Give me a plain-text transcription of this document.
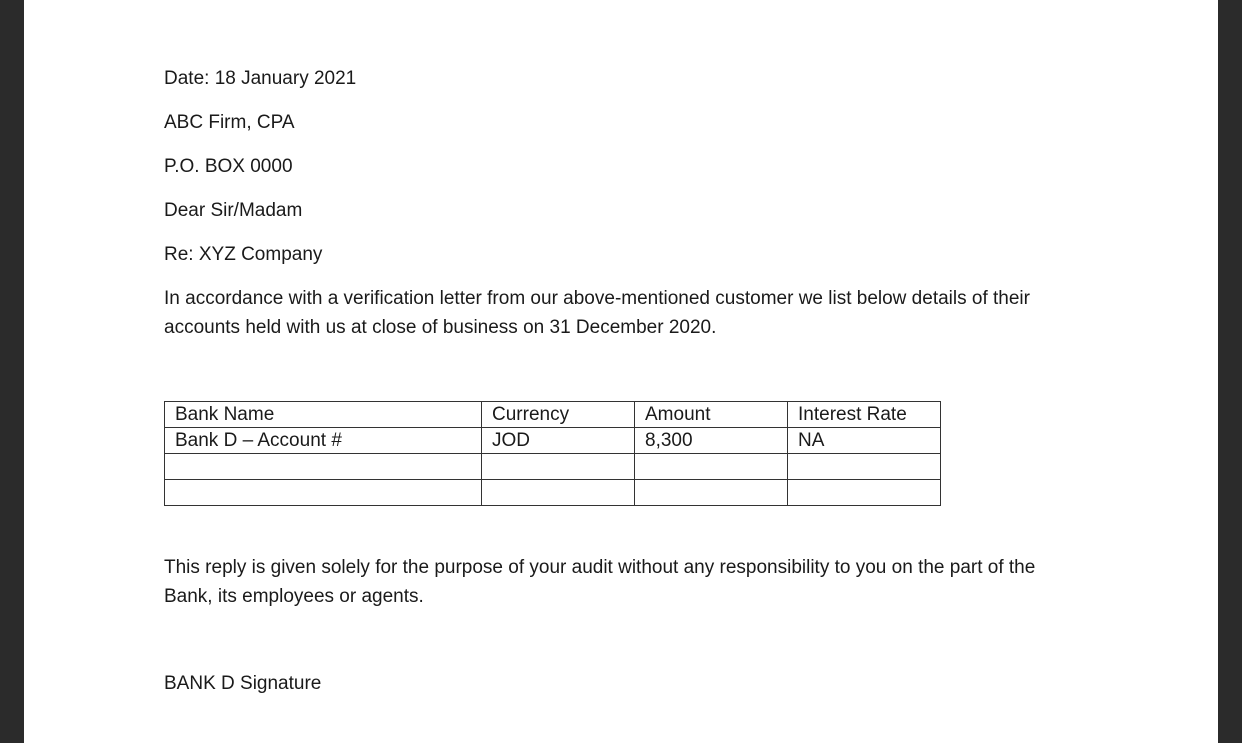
Date: 18 January 2021
ABC Firm, CPA
P.O. BOX 0000
Dear Sir/Madam
Re: XYZ Company
In accordance with a verification letter from our above-mentioned customer we list below details of their accounts held with us at close of business on 31 December 2020.
Bank Name	Currency	Amount	Interest Rate
Bank D – Account #	JOD	8,300	NA

This reply is given solely for the purpose of your audit without any responsibility to you on the part of the Bank, its employees or agents.
BANK D Signature
